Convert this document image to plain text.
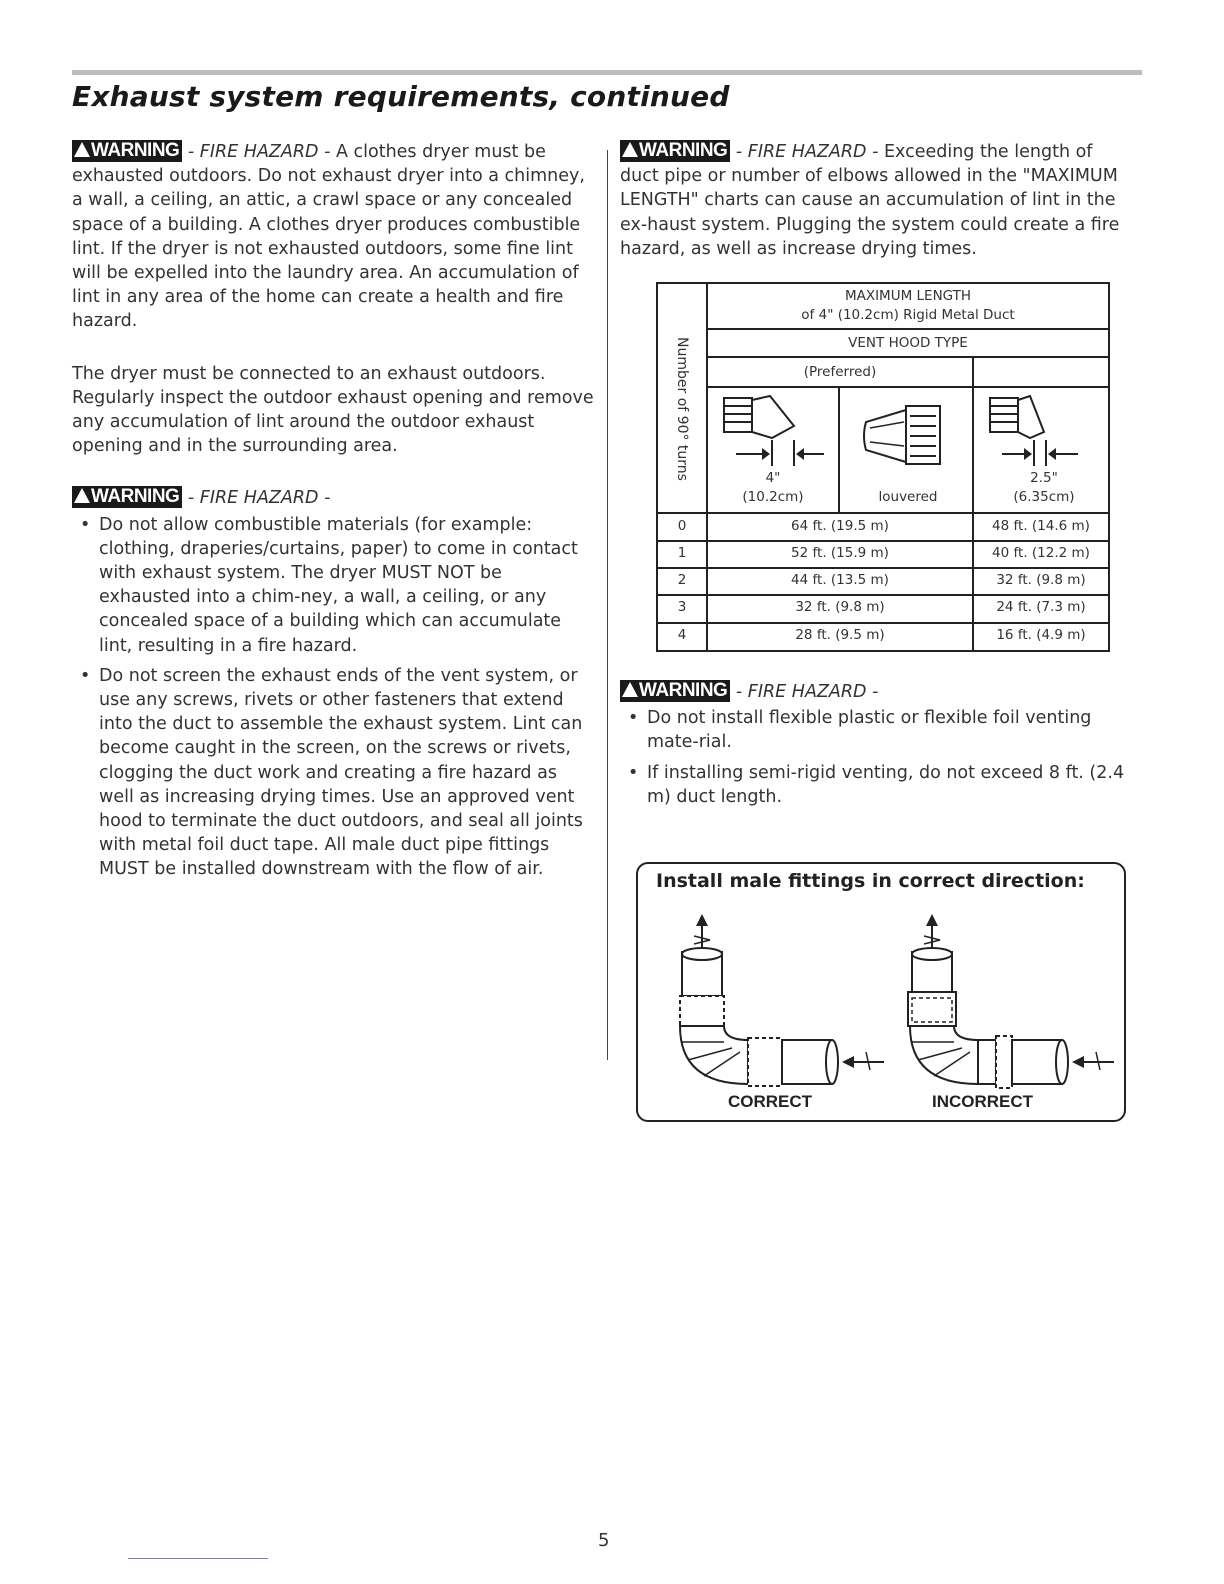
Exhaust system requirements, continued

WARNING - FIRE HAZARD - A clothes dryer must be exhausted outdoors. Do not exhaust dryer into a chimney, a wall, a ceiling, an attic, a crawl space or any concealed space of a building. A clothes dryer produces combustible lint. If the dryer is not exhausted outdoors, some fine lint will be expelled into the laundry area. An accumulation of lint in any area of the home can create a health and fire hazard.

The dryer must be connected to an exhaust outdoors. Regularly inspect the outdoor exhaust opening and remove any accumulation of lint around the outdoor exhaust opening and in the surrounding area.

WARNING - FIRE HAZARD -
• Do not allow combustible materials (for example: clothing, draperies/curtains, paper) to come in contact with exhaust system. The dryer MUST NOT be exhausted into a chim-ney, a wall, a ceiling, or any concealed space of a building which can accumulate lint, resulting in a fire hazard.
• Do not screen the exhaust ends of the vent system, or use any screws, rivets or other fasteners that extend into the duct to assemble the exhaust system. Lint can become caught in the screen, on the screws or rivets, clogging the duct work and creating a fire hazard as well as increasing drying times. Use an approved vent hood to terminate the duct outdoors, and seal all joints with metal foil duct tape. All male duct pipe fittings MUST be installed downstream with the flow of air.

WARNING - FIRE HAZARD - Exceeding the length of duct pipe or number of elbows allowed in the "MAXIMUM LENGTH" charts can cause an accumulation of lint in the ex-haust system. Plugging the system could create a fire hazard, as well as increase drying times.

Number of 90° turns
MAXIMUM LENGTH
of 4" (10.2cm) Rigid Metal Duct
VENT HOOD TYPE
(Preferred)
4"
(10.2cm)	louvered
2.5"
(6.35cm)
0	64 ft. (19.5 m)	48 ft. (14.6 m)
1	52 ft. (15.9 m)	40 ft. (12.2 m)
2	44 ft. (13.5 m)	32 ft. (9.8 m)
3	32 ft. (9.8 m)	24 ft. (7.3 m)
4	28 ft. (9.5 m)	16 ft. (4.9 m)
WARNING - FIRE HAZARD -
• Do not install flexible plastic or flexible foil venting mate-rial.
• If installing semi-rigid venting, do not exceed 8 ft. (2.4 m) duct length.
Install male fittings in correct direction:
CORRECT	INCORRECT
5
